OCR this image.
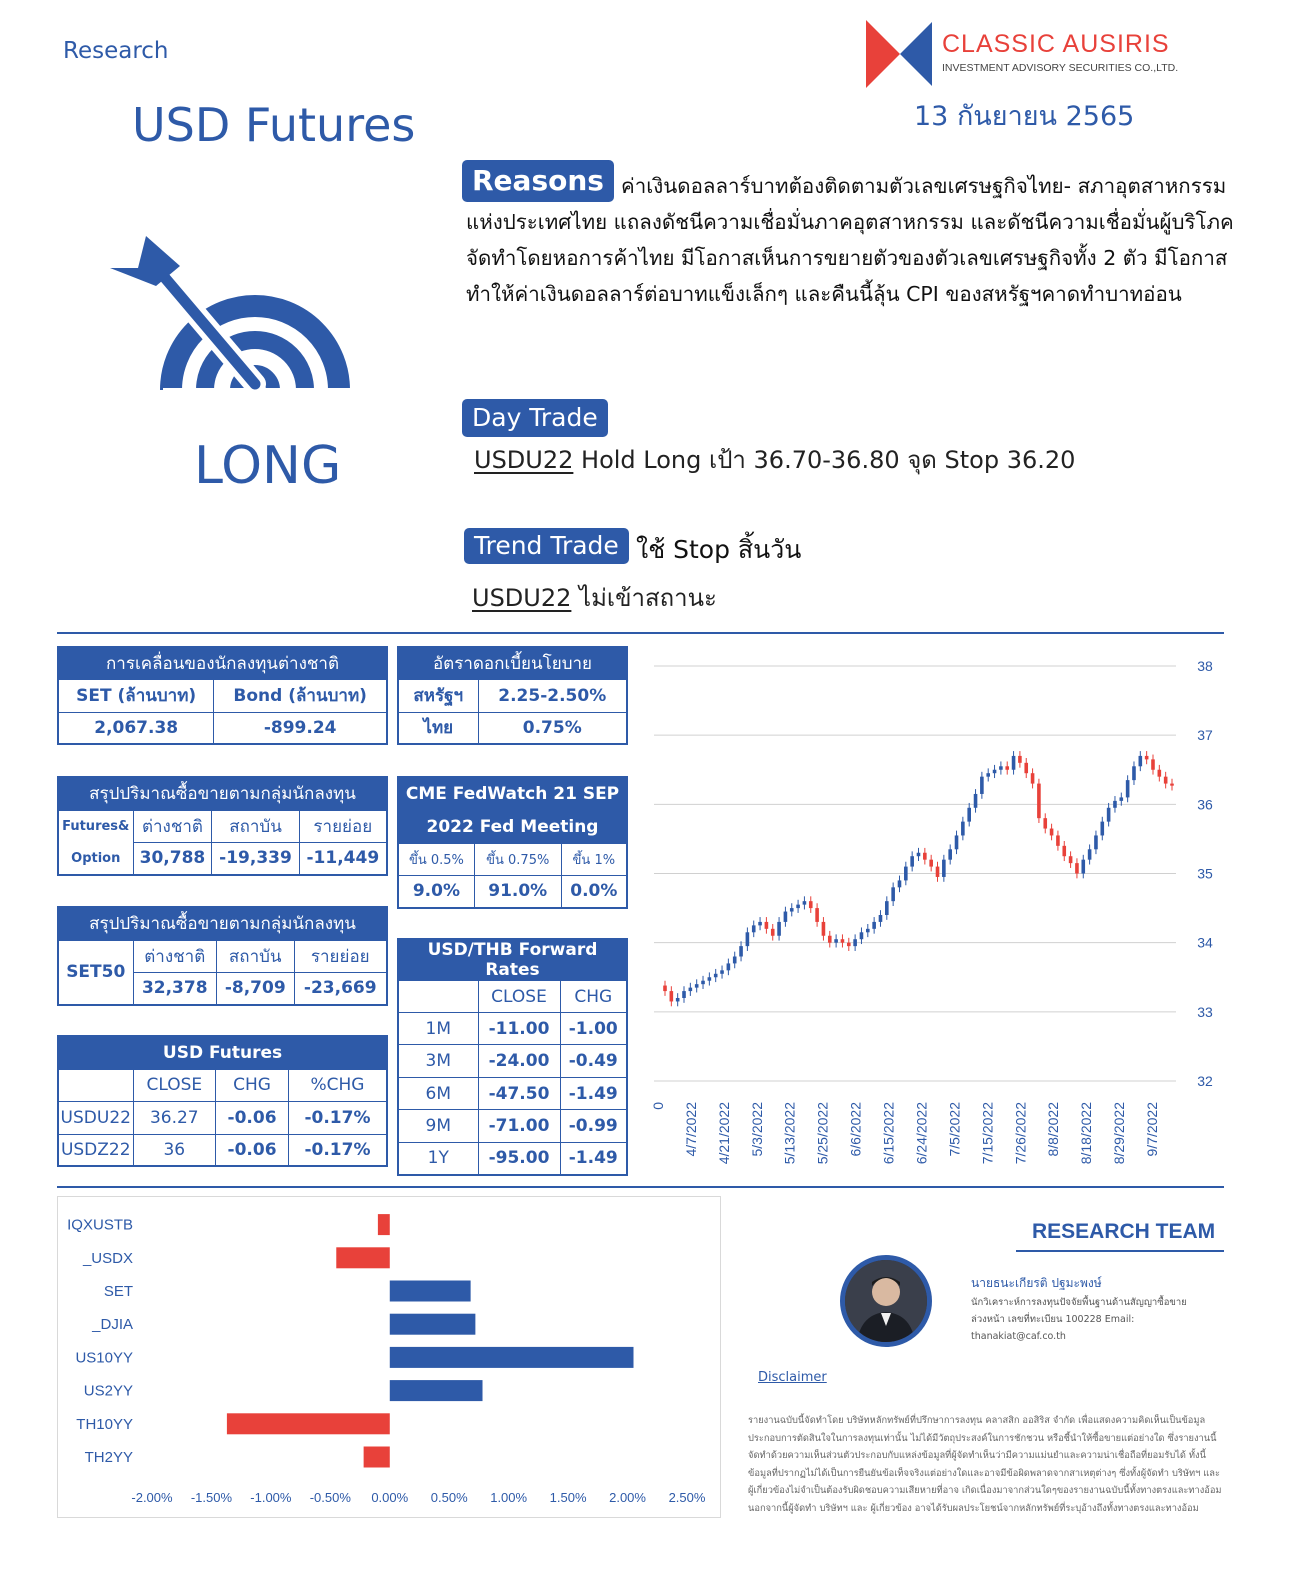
Research
USD Futures
CLASSIC AUSIRIS
INVESTMENT ADVISORY SECURITIES CO.,LTD.
13 กันยายน 2565
LONG
ค่าเงินดอลลาร์บาทต้องติดตามตัวเลขเศรษฐกิจไทย- สภาอุตสาหกรรมแห่งประเทศไทย แถลงดัชนีความเชื่อมั่นภาคอุตสาหกรรม และดัชนีความเชื่อมั่นผู้บริโภค จัดทำโดยหอการค้าไทย มีโอกาสเห็นการขยายตัวของตัวเลขเศรษฐกิจทั้ง 2 ตัว มีโอกาสทำให้ค่าเงินดอลลาร์ต่อบาทแข็งเล็กๆ และคืนนี้ลุ้น CPI ของสหรัฐฯคาดทำบาทอ่อน
Reasons
Day Trade
USDU22 Hold Long เป้า 36.70-36.80 จุด Stop 36.20
Trend Trade ใช้ Stop สิ้นวัน
USDU22 ไม่เข้าสถานะ
การเคลื่อนของนักลงทุนต่างชาติ	
SET (ล้านบาท)	Bond (ล้านบาท)
2,067.38	-899.24
อัตราดอกเบี้ยนโยบาย	
สหรัฐฯ	2.25-2.50%
ไทย	0.75%
สรุปปริมาณซื้อขายตามกลุ่มนักลงทุน			
Futures&	ต่างชาติ	สถาบัน	รายย่อย
Option	30,788	-19,339	-11,449
CME FedWatch 21 SEP		
2022 Fed Meeting		
ขึ้น 0.5%	ขึ้น 0.75%	ขึ้น 1%
9.0%	91.0%	0.0%
สรุปปริมาณซื้อขายตามกลุ่มนักลงทุน			
SET50	ต่างชาติ	สถาบัน	รายย่อย
	32,378	-8,709	-23,669
USD/THB Forward Rates		
	CLOSE	CHG
1M	-11.00	-1.00
3M	-24.00	-0.49
6M	-47.50	-1.49
9M	-71.00	-0.99
1Y	-95.00	-1.49
USD Futures			
	CLOSE	CHG	%CHG
USDU22	36.27	-0.06	-0.17%
USDZ22	36	-0.06	-0.17%
32
33
34
35
36
37
38
0 4/7/2022 4/21/2022 5/3/2022 5/13/2022 5/25/2022 6/6/2022 6/15/2022 6/24/2022 7/5/2022 7/15/2022 7/26/2022 8/8/2022 8/18/2022 8/29/2022 9/7/2022
IQXUSTB
_USDX
SET
_DJIA
US10YY
US2YY
TH10YY
TH2YY
-2.00% -1.50% -1.00% -0.50% 0.00% 0.50% 1.00% 1.50% 2.00% 2.50%
RESEARCH TEAM
นายธนะเกียรติ ปฐมะพงษ์
นักวิเคราะห์การลงทุนปัจจัยพื้นฐานด้านสัญญาซื้อขาย
ล่วงหน้า เลขที่ทะเบียน 100228 Email:
thanakiat@caf.co.th
Disclaimer
รายงานฉบับนี้จัดทำโดย บริษัทหลักทรัพย์ที่ปรึกษาการลงทุน คลาสสิก ออสิริส จำกัด เพื่อแสดงความคิดเห็นเป็นข้อมูลประกอบการตัดสินใจในการลงทุนเท่านั้น ไม่ได้มีวัตถุประสงค์ในการชักชวน หรือชี้นำให้ซื้อขายแต่อย่างใด ซึ่งรายงานนี้จัดทำด้วยความเห็นส่วนตัวประกอบกับแหล่งข้อมูลที่ผู้จัดทำเห็นว่ามีความแม่นยำและความน่าเชื่อถือที่ยอมรับได้ ทั้งนี้ข้อมูลที่ปรากฏไม่ได้เป็นการยืนยันข้อเท็จจริงแต่อย่างใดและอาจมีข้อผิดพลาดจากสาเหตุต่างๆ ซึ่งทั้งผู้จัดทำ บริษัทฯ และผู้เกี่ยวข้องไม่จำเป็นต้องรับผิดชอบความเสียหายที่อาจ เกิดเนื่องมาจากส่วนใดๆของรายงานฉบับนี้ทั้งทางตรงและทางอ้อม นอกจากนี้ผู้จัดทำ บริษัทฯ และ ผู้เกี่ยวข้อง อาจได้รับผลประโยชน์จากหลักทรัพย์ที่ระบุอ้างถึงทั้งทางตรงและทางอ้อม
